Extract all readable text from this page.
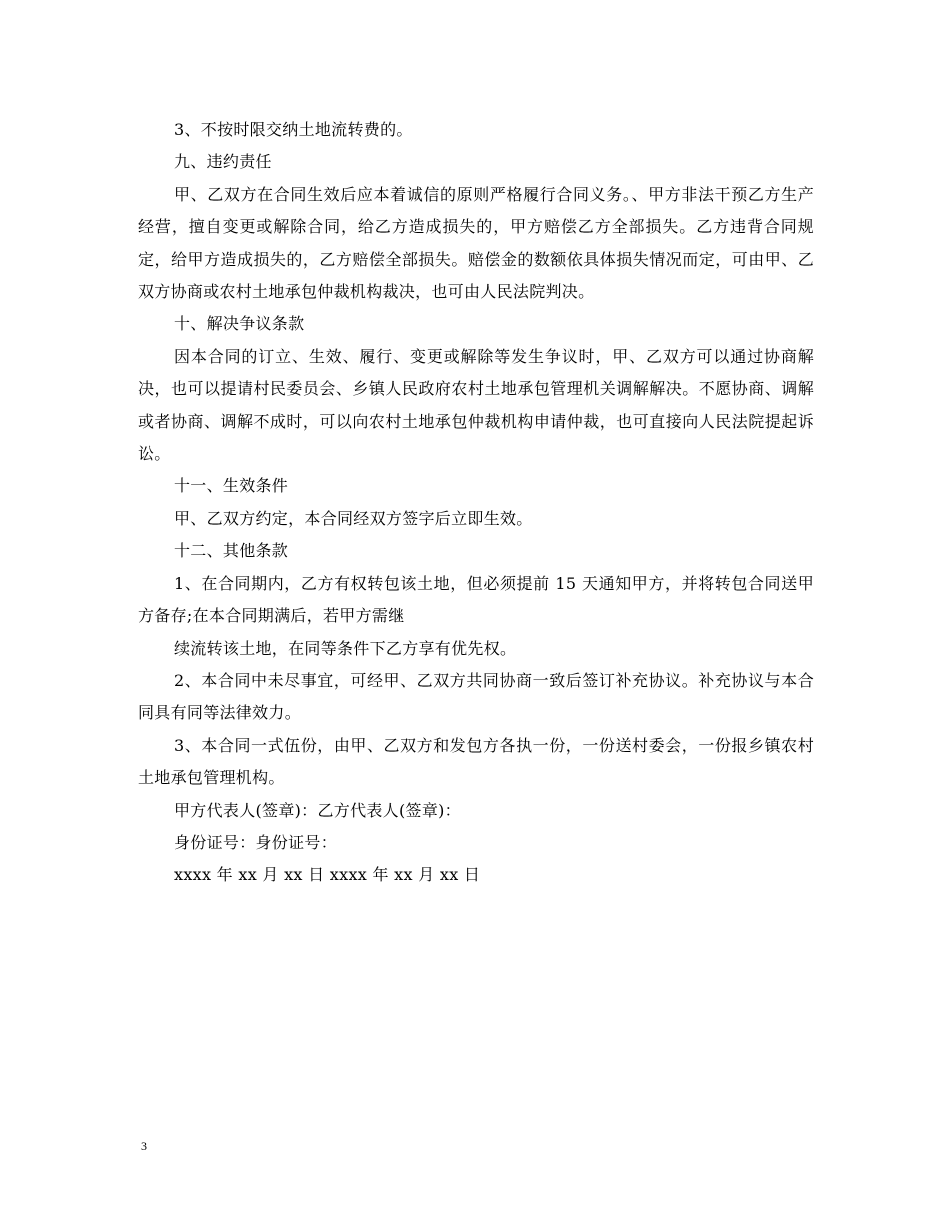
3、不按时限交纳土地流转费的。

九、违约责任

甲、乙双方在合同生效后应本着诚信的原则严格履行合同义务。、甲方非法干预乙方生产经营，擅自变更或解除合同，给乙方造成损失的，甲方赔偿乙方全部损失。乙方违背合同规定，给甲方造成损失的，乙方赔偿全部损失。赔偿金的数额依具体损失情况而定，可由甲、乙双方协商或农村土地承包仲裁机构裁决，也可由人民法院判决。

十、解决争议条款

因本合同的订立、生效、履行、变更或解除等发生争议时，甲、乙双方可以通过协商解决，也可以提请村民委员会、乡镇人民政府农村土地承包管理机关调解解决。不愿协商、调解或者协商、调解不成时，可以向农村土地承包仲裁机构申请仲裁，也可直接向人民法院提起诉讼。

十一、生效条件

甲、乙双方约定，本合同经双方签字后立即生效。

十二、其他条款

1、在合同期内，乙方有权转包该土地，但必须提前 15 天通知甲方，并将转包合同送甲方备存;在本合同期满后，若甲方需继

续流转该土地，在同等条件下乙方享有优先权。

2、本合同中未尽事宜，可经甲、乙双方共同协商一致后签订补充协议。补充协议与本合同具有同等法律效力。

3、本合同一式伍份，由甲、乙双方和发包方各执一份，一份送村委会，一份报乡镇农村土地承包管理机构。

甲方代表人(签章)：乙方代表人(签章)：

身份证号：身份证号：

xxxx 年 xx 月 xx 日 xxxx 年 xx 月 xx 日

3
